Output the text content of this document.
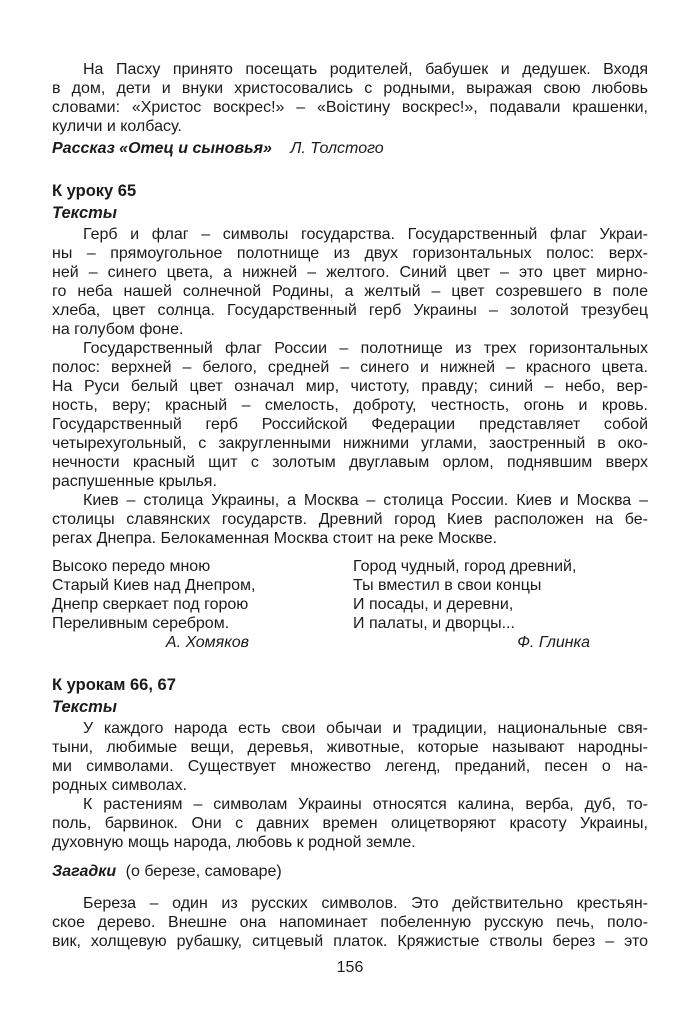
На Пасху принято посещать родителей, бабушек и дедушек. Входя
в дом, дети и внуки христосовались с родными, выражая свою любовь
словами: «Христос воскрес!» – «Воістину воскрес!», подавали крашенки,
куличи и колбасу.
Рассказ «Отец и сыновья» Л. Толстого
К уроку 65
Тексты
Герб и флаг – символы государства. Государственный флаг Украи-
ны – прямоугольное полотнище из двух горизонтальных полос: верх-
ней – синего цвета, а нижней – желтого. Синий цвет – это цвет мирно-
го неба нашей солнечной Родины, а желтый – цвет созревшего в поле
хлеба, цвет солнца. Государственный герб Украины – золотой трезубец
на голубом фоне.
Государственный флаг России – полотнище из трех горизонтальных
полос: верхней – белого, средней – синего и нижней – красного цвета.
На Руси белый цвет означал мир, чистоту, правду; синий – небо, вер-
ность, веру; красный – смелость, доброту, честность, огонь и кровь.
Государственный герб Российской Федерации представляет собой
четырехугольный, с закругленными нижними углами, заостренный в око-
нечности красный щит с золотым двуглавым орлом, поднявшим вверх
распушенные крылья.
Киев – столица Украины, а Москва – столица России. Киев и Москва –
столицы славянских государств. Древний город Киев расположен на бе-
регах Днепра. Белокаменная Москва стоит на реке Москве.
Высоко передо мною
Старый Киев над Днепром,
Днепр сверкает под горою
Переливным серебром.
А. Хомяков
Город чудный, город древний,
Ты вместил в свои концы
И посады, и деревни,
И палаты, и дворцы...
Ф. Глинка
К урокам 66, 67
Тексты
У каждого народа есть свои обычаи и традиции, национальные свя-
тыни, любимые вещи, деревья, животные, которые называют народны-
ми символами. Существует множество легенд, преданий, песен о на-
родных символах.
К растениям – символам Украины относятся калина, верба, дуб, то-
поль, барвинок. Они с давних времен олицетворяют красоту Украины,
духовную мощь народа, любовь к родной земле.
Загадки (о березе, самоваре)
Береза – один из русских символов. Это действительно крестьян-
ское дерево. Внешне она напоминает побеленную русскую печь, поло-
вик, холщевую рубашку, ситцевый платок. Кряжистые стволы берез – это
156
